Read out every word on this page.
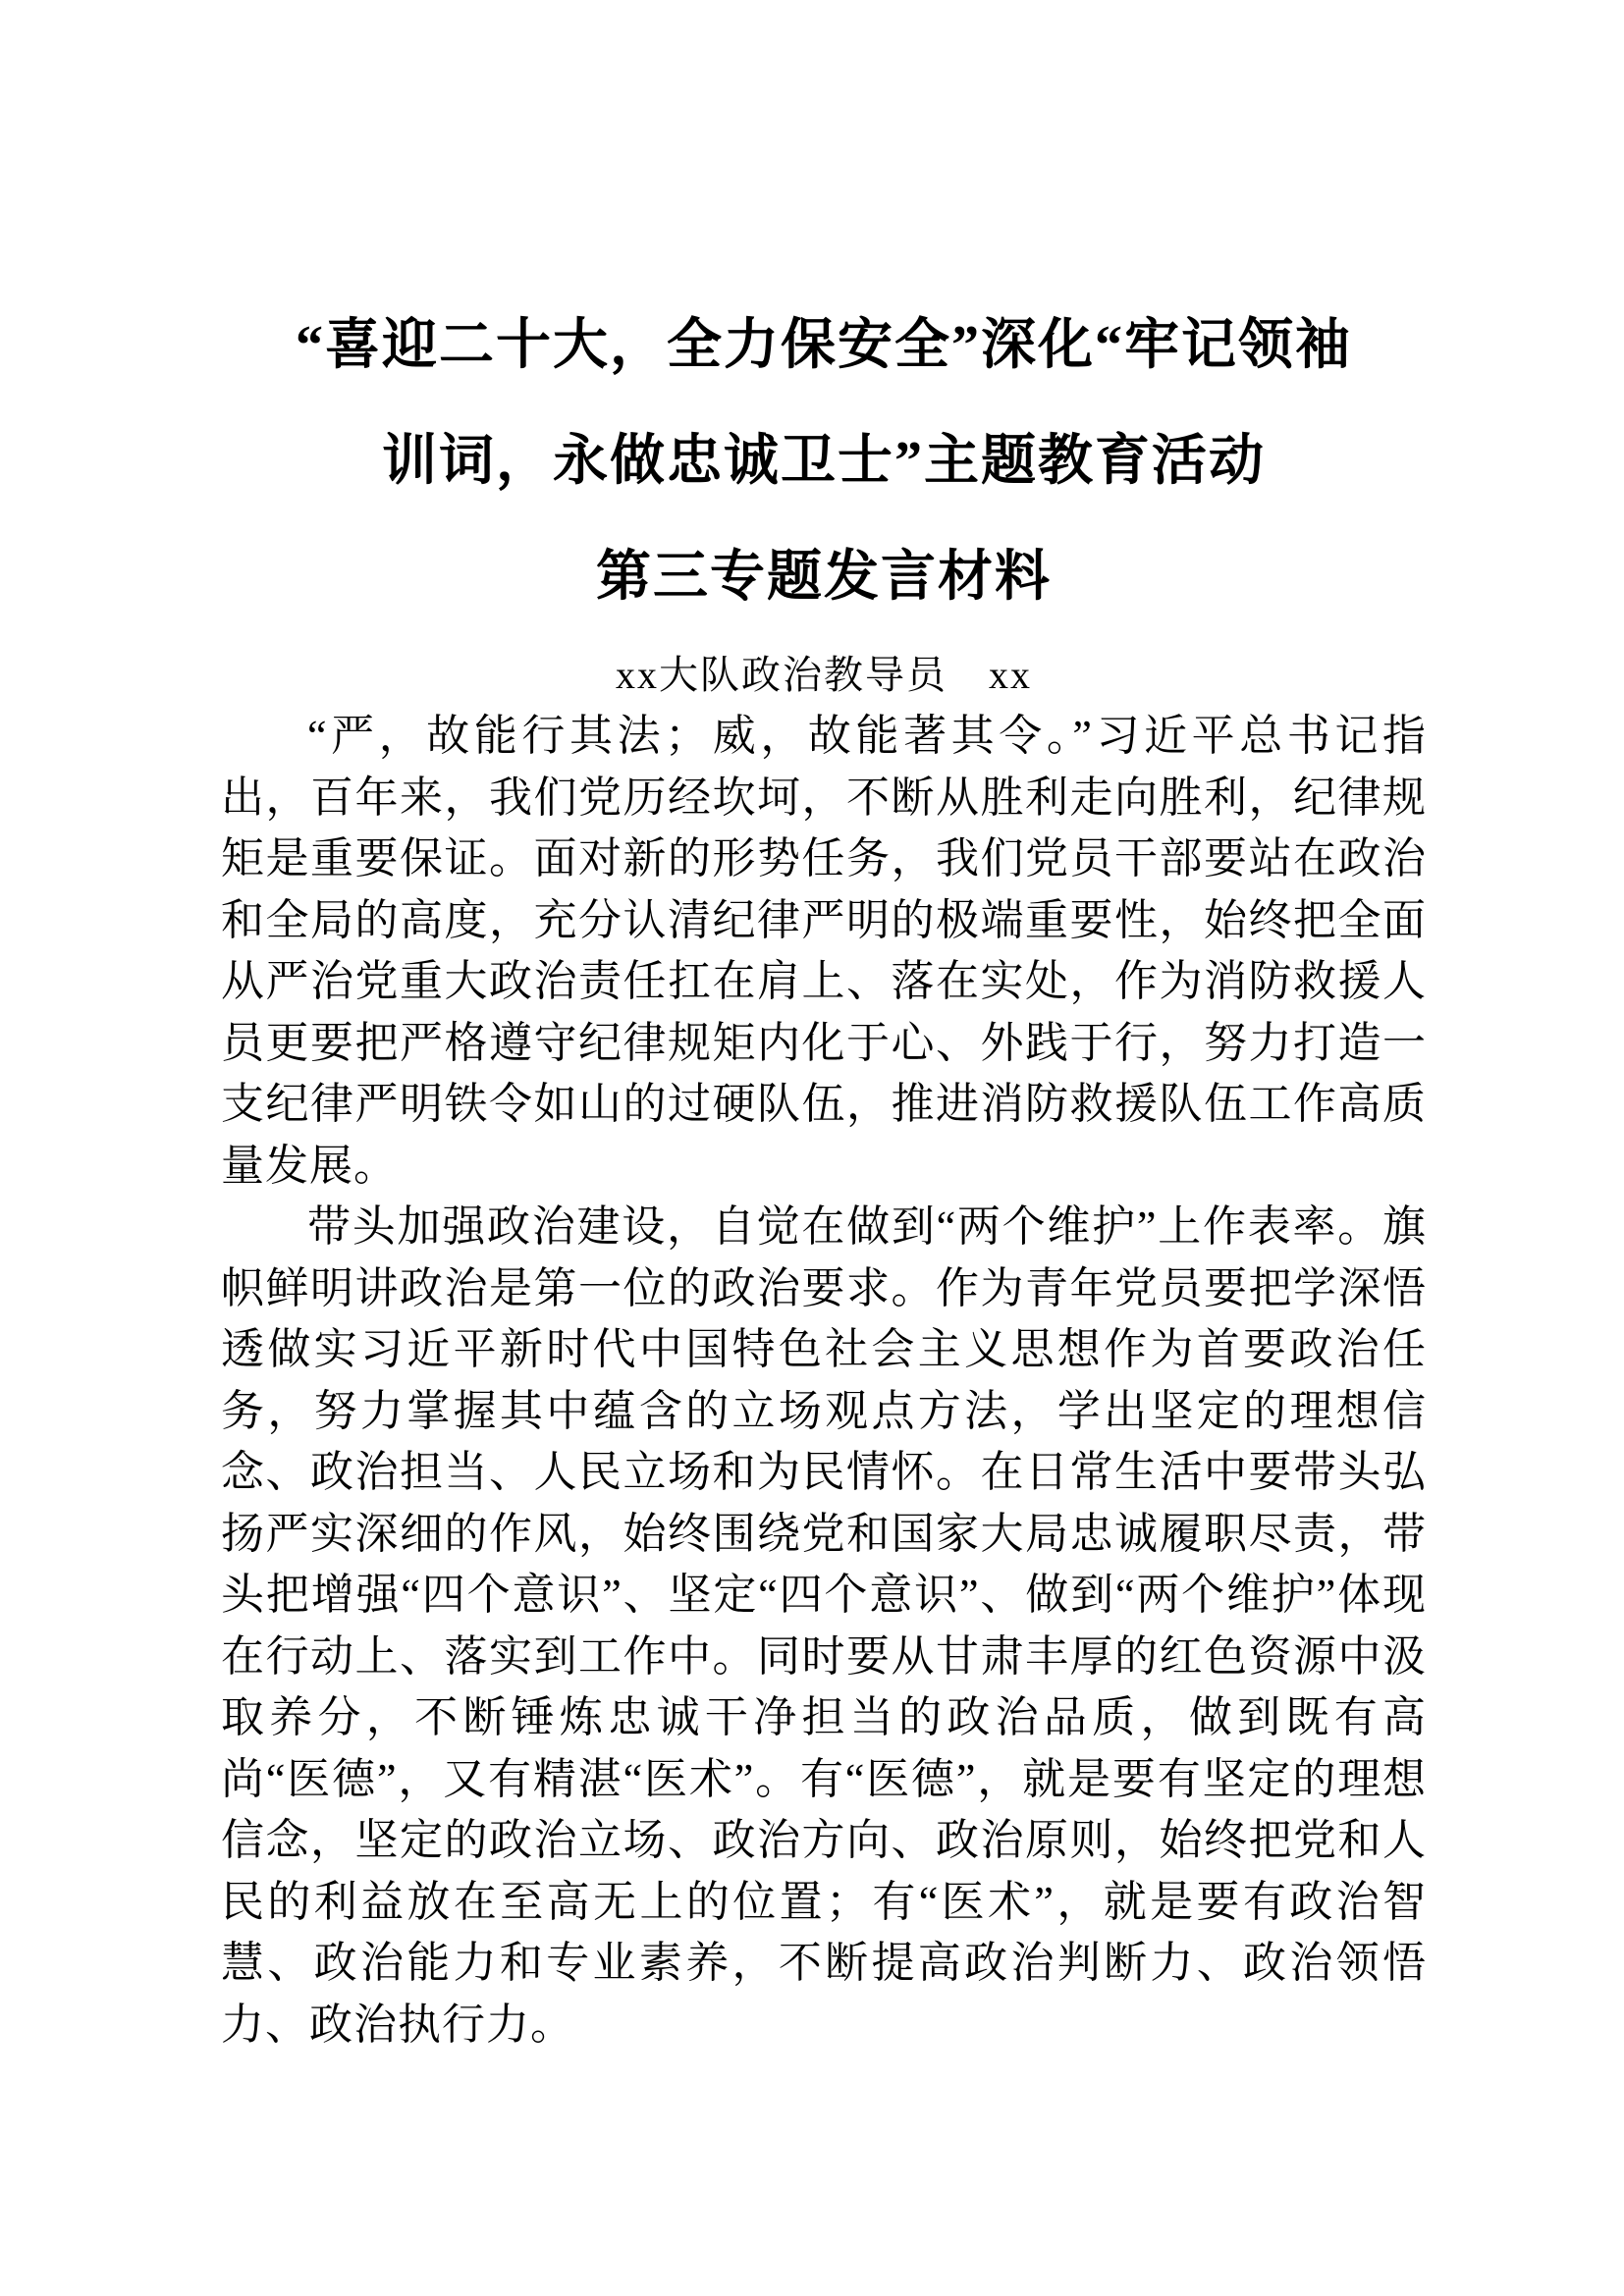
“喜迎二十大，全力保安全”深化“牢记领袖
训词，永做忠诚卫士”主题教育活动
第三专题发言材料
xx大队政治教导员　xx

“严，故能行其法；威，故能著其令。”习近平总书记指出，百年来，我们党历经坎坷，不断从胜利走向胜利，纪律规矩是重要保证。面对新的形势任务，我们党员干部要站在政治和全局的高度，充分认清纪律严明的极端重要性，始终把全面从严治党重大政治责任扛在肩上、落在实处，作为消防救援人员更要把严格遵守纪律规矩内化于心、外践于行，努力打造一支纪律严明铁令如山的过硬队伍，推进消防救援队伍工作高质量发展。

带头加强政治建设，自觉在做到“两个维护”上作表率。旗帜鲜明讲政治是第一位的政治要求。作为青年党员要把学深悟透做实习近平新时代中国特色社会主义思想作为首要政治任务，努力掌握其中蕴含的立场观点方法，学出坚定的理想信念、政治担当、人民立场和为民情怀。在日常生活中要带头弘扬严实深细的作风，始终围绕党和国家大局忠诚履职尽责，带头把增强“四个意识”、坚定“四个意识”、做到“两个维护”体现在行动上、落实到工作中。同时要从甘肃丰厚的红色资源中汲取养分，不断锤炼忠诚干净担当的政治品质，做到既有高尚“医德”，又有精湛“医术”。有“医德”，就是要有坚定的理想信念，坚定的政治立场、政治方向、政治原则，始终把党和人民的利益放在至高无上的位置；有“医术”，就是要有政治智慧、政治能力和专业素养，不断提高政治判断力、政治领悟力、政治执行力。
